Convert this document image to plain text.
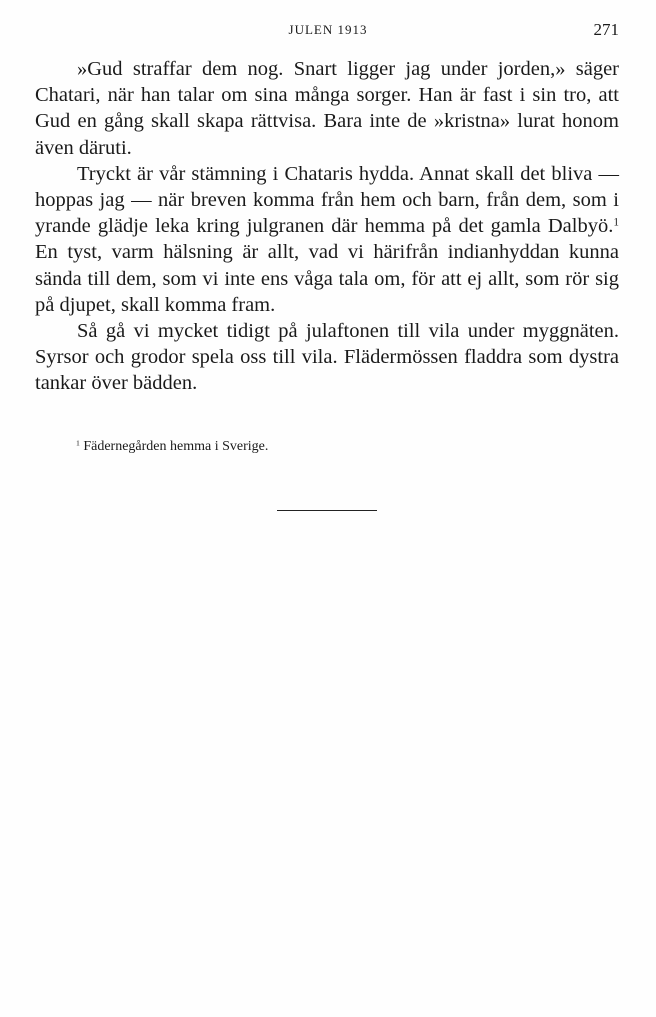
JULEN 1913	271

»Gud straffar dem nog. Snart ligger jag under jorden,» säger Chatari, när han talar om sina många sorger. Han är fast i sin tro, att Gud en gång skall skapa rättvisa. Bara inte de »kristna» lurat honom även däruti.

Tryckt är vår stämning i Chataris hydda. Annat skall det bliva — hoppas jag — när breven komma från hem och barn, från dem, som i yrande glädje leka kring julgranen där hemma på det gamla Dalbyö.$^1$ En tyst, varm hälsning är allt, vad vi härifrån indianhyddan kunna sända till dem, som vi inte ens våga tala om, för att ej allt, som rör sig på djupet, skall komma fram.

Så gå vi mycket tidigt på julaftonen till vila under myggnäten. Syrsor och grodor spela oss till vila. Flädermössen fladdra som dystra tankar över bädden.

$^1$ Fädernegården hemma i Sverige.
